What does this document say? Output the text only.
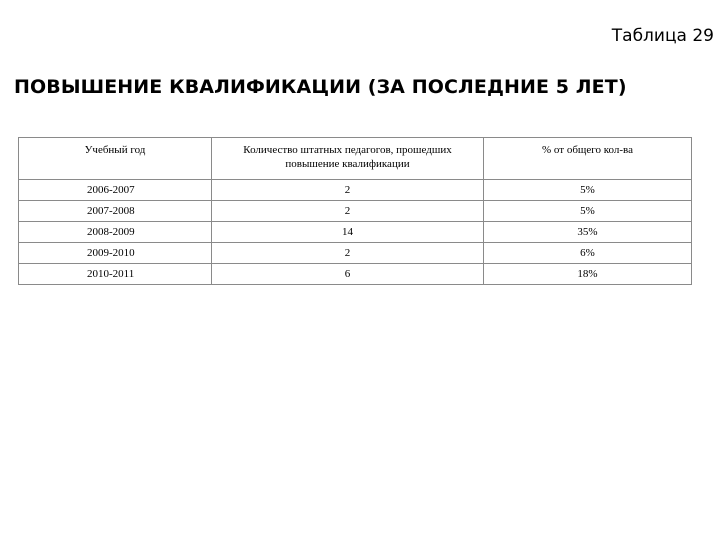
Таблица 29
ПОВЫШЕНИЕ КВАЛИФИКАЦИИ (ЗА ПОСЛЕДНИЕ 5 ЛЕТ)
Учебный год	Количество штатных педагогов, прошедших повышение квалификации	% от общего кол-ва
2006-2007	2	5%
2007-2008	2	5%
2008-2009	14	35%
2009-2010	2	6%
2010-2011	6	18%
